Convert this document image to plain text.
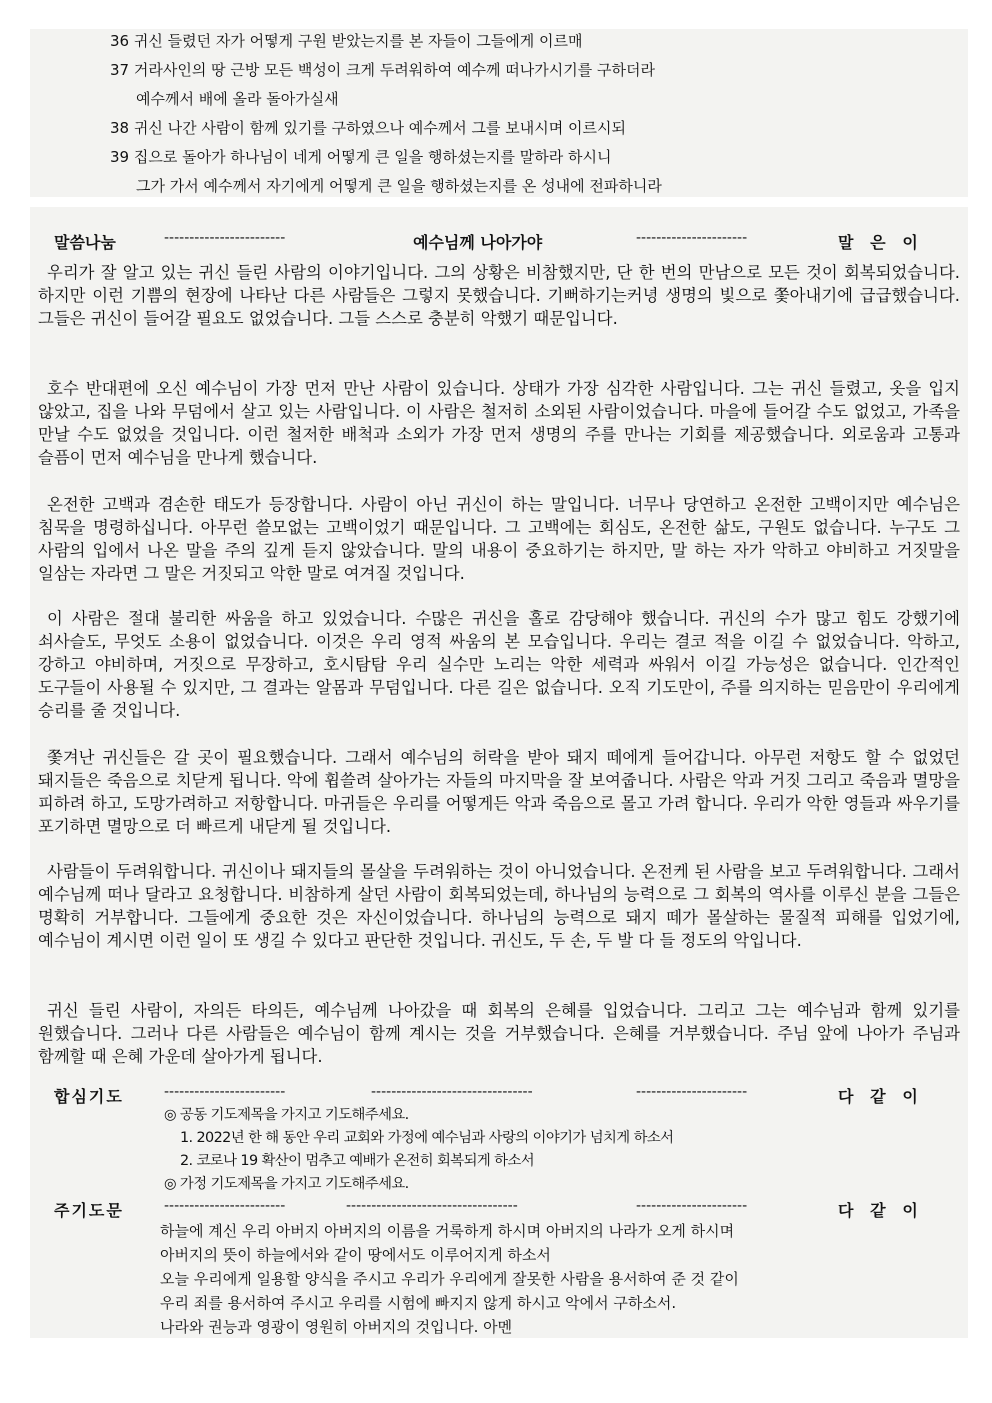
36 귀신 들렸던 자가 어떻게 구원 받았는지를 본 자들이 그들에게 이르매
37 거라사인의 땅 근방 모든 백성이 크게 두려워하여 예수께 떠나가시기를 구하더라
예수께서 배에 올라 돌아가실새
38 귀신 나간 사람이 함께 있기를 구하였으나 예수께서 그를 보내시며 이르시되
39 집으로 돌아가 하나님이 네게 어떻게 큰 일을 행하셨는지를 말하라 하시니
그가 가서 예수께서 자기에게 어떻게 큰 일을 행하셨는지를 온 성내에 전파하니라
말씀나눔	------------------------	예수님께 나아가야	----------------------	말   은   이
우리가 잘 알고 있는 귀신 들린 사람의 이야기입니다. 그의 상황은 비참했지만, 단 한 번의 만남으로 모든 것이 회복되었습니다. 하지만 이런 기쁨의 현장에 나타난 다른 사람들은 그렇지 못했습니다. 기뻐하기는커녕 생명의 빛으로 쫓아내기에 급급했습니다. 그들은 귀신이 들어갈 필요도 없었습니다. 그들 스스로 충분히 악했기 때문입니다.
호수 반대편에 오신 예수님이 가장 먼저 만난 사람이 있습니다. 상태가 가장 심각한 사람입니다. 그는 귀신 들렸고, 옷을 입지 않았고, 집을 나와 무덤에서 살고 있는 사람입니다. 이 사람은 철저히 소외된 사람이었습니다. 마을에 들어갈 수도 없었고, 가족을 만날 수도 없었을 것입니다. 이런 철저한 배척과 소외가 가장 먼저 생명의 주를 만나는 기회를 제공했습니다. 외로움과 고통과 슬픔이 먼저 예수님을 만나게 했습니다.
온전한 고백과 겸손한 태도가 등장합니다. 사람이 아닌 귀신이 하는 말입니다. 너무나 당연하고 온전한 고백이지만 예수님은 침묵을 명령하십니다. 아무런 쓸모없는 고백이었기 때문입니다. 그 고백에는 회심도, 온전한 삶도, 구원도 없습니다. 누구도 그 사람의 입에서 나온 말을 주의 깊게 듣지 않았습니다. 말의 내용이 중요하기는 하지만, 말 하는 자가 악하고 야비하고 거짓말을 일삼는 자라면 그 말은 거짓되고 악한 말로 여겨질 것입니다.
이 사람은 절대 불리한 싸움을 하고 있었습니다. 수많은 귀신을 홀로 감당해야 했습니다. 귀신의 수가 많고 힘도 강했기에 쇠사슬도, 무엇도 소용이 없었습니다. 이것은 우리 영적 싸움의 본 모습입니다. 우리는 결코 적을 이길 수 없었습니다. 악하고, 강하고 야비하며, 거짓으로 무장하고, 호시탐탐 우리 실수만 노리는 악한 세력과 싸워서 이길 가능성은 없습니다. 인간적인 도구들이 사용될 수 있지만, 그 결과는 알몸과 무덤입니다. 다른 길은 없습니다. 오직 기도만이, 주를 의지하는 믿음만이 우리에게 승리를 줄 것입니다.
쫓겨난 귀신들은 갈 곳이 필요했습니다. 그래서 예수님의 허락을 받아 돼지 떼에게 들어갑니다. 아무런 저항도 할 수 없었던 돼지들은 죽음으로 치닫게 됩니다. 악에 휩쓸려 살아가는 자들의 마지막을 잘 보여줍니다. 사람은 악과 거짓 그리고 죽음과 멸망을 피하려 하고, 도망가려하고 저항합니다. 마귀들은 우리를 어떻게든 악과 죽음으로 몰고 가려 합니다. 우리가 악한 영들과 싸우기를 포기하면 멸망으로 더 빠르게 내닫게 될 것입니다.
사람들이 두려워합니다. 귀신이나 돼지들의 몰살을 두려워하는 것이 아니었습니다. 온전케 된 사람을 보고 두려워합니다. 그래서 예수님께 떠나 달라고 요청합니다. 비참하게 살던 사람이 회복되었는데, 하나님의 능력으로 그 회복의 역사를 이루신 분을 그들은 명확히 거부합니다. 그들에게 중요한 것은 자신이었습니다. 하나님의 능력으로 돼지 떼가 몰살하는 물질적 피해를 입었기에, 예수님이 계시면 이런 일이 또 생길 수 있다고 판단한 것입니다. 귀신도, 두 손, 두 발 다 들 정도의 악입니다.
귀신 들린 사람이, 자의든 타의든, 예수님께 나아갔을 때 회복의 은혜를 입었습니다. 그리고 그는 예수님과 함께 있기를 원했습니다. 그러나 다른 사람들은 예수님이 함께 계시는 것을 거부했습니다. 은혜를 거부했습니다. 주님 앞에 나아가 주님과 함께할 때 은혜 가운데 살아가게 됩니다.
합심기도	------------------------	--------------------------------	----------------------	다   같   이
◎ 공동 기도제목을 가지고 기도해주세요.
1. 2022년 한 해 동안 우리 교회와 가정에 예수님과 사랑의 이야기가 넘치게 하소서
2. 코로나 19 확산이 멈추고 예배가 온전히 회복되게 하소서
◎ 가정 기도제목을 가지고 기도해주세요.
주기도문	------------------------	----------------------------------	----------------------	다   같   이
하늘에 계신 우리 아버지 아버지의 이름을 거룩하게 하시며 아버지의 나라가 오게 하시며
아버지의 뜻이 하늘에서와 같이 땅에서도 이루어지게 하소서
오늘 우리에게 일용할 양식을 주시고 우리가 우리에게 잘못한 사람을 용서하여 준 것 같이
우리 죄를 용서하여 주시고 우리를 시험에 빠지지 않게 하시고 악에서 구하소서.
나라와 권능과 영광이 영원히 아버지의 것입니다. 아멘
